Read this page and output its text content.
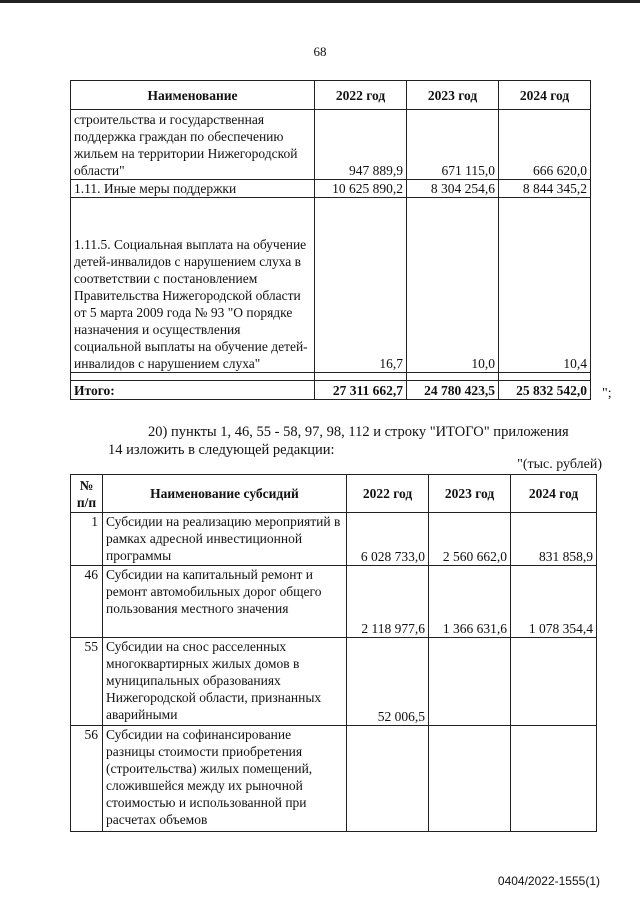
68
Наименование	2022 год	2023 год	2024 год
строительства и государственная поддержка граждан по обеспечению жильем на территории Нижегородской области"	947 889,9	671 115,0	666 620,0
1.11. Иные меры поддержки	10 625 890,2	8 304 254,6	8 844 345,2
1.11.5. Социальная выплата на обучение детей-инвалидов с нарушением слуха в соответствии с постановлением Правительства Нижегородской области от 5 марта 2009 года № 93 "О порядке назначения и осуществления социальной выплаты на обучение детей-инвалидов с нарушением слуха"	16,7	10,0	10,4

Итого:	27 311 662,7	24 780 423,5	25 832 542,0 ";
20) пункты 1, 46, 55 - 58, 97, 98, 112 и строку "ИТОГО" приложения
14 изложить в следующей редакции:
"(тыс. рублей)
№ п/п	Наименование субсидий	2022 год	2023 год	2024 год
1	Субсидии на реализацию мероприятий в рамках адресной инвестиционной программы	6 028 733,0	2 560 662,0	831 858,9
46	Субсидии на капитальный ремонт и ремонт автомобильных дорог общего пользования местного значения	2 118 977,6	1 366 631,6	1 078 354,4
55	Субсидии на снос расселенных многоквартирных жилых домов в муниципальных образованиях Нижегородской области, признанных аварийными	52 006,5		
56	Субсидии на софинансирование разницы стоимости приобретения (строительства) жилых помещений, сложившейся между их рыночной стоимостью и использованной при расчетах объемов			
0404/2022-1555(1)
